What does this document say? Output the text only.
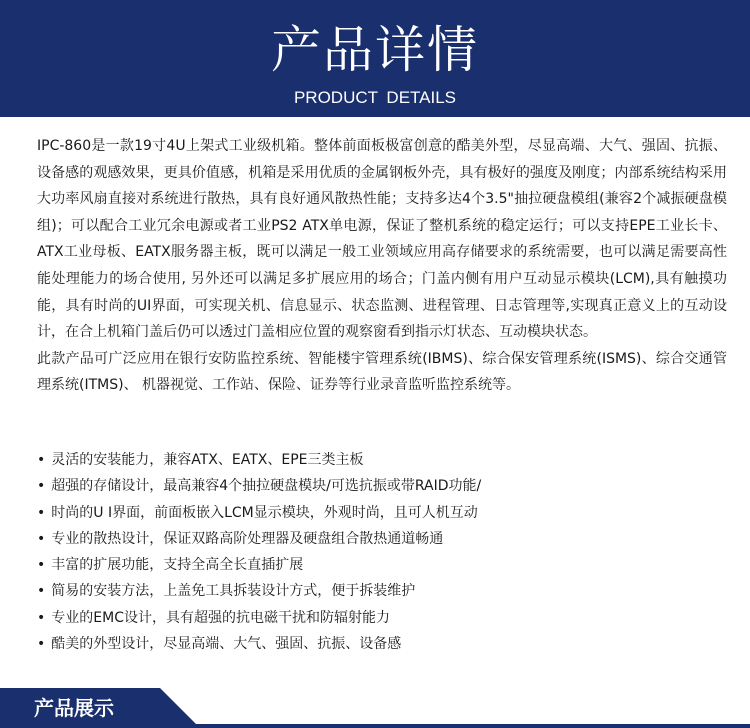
产品详情
PRODUCT DETAILS

IPC-860是一款19寸4U上架式工业级机箱。整体前面板极富创意的酷美外型，尽显高端、大气、强固、抗振、设备感的观感效果，更具价值感，机箱是采用优质的金属钢板外壳，具有极好的强度及刚度；内部系统结构采用大功率风扇直接对系统进行散热，具有良好通风散热性能；支持多达4个3.5"抽拉硬盘模组(兼容2个减振硬盘模组)；可以配合工业冗余电源或者工业PS2 ATX单电源，保证了整机系统的稳定运行；可以支持EPE工业长卡、ATX工业母板、EATX服务器主板，既可以满足一般工业领域应用高存储要求的系统需要，也可以满足需要高性能处理能力的场合使用, 另外还可以满足多扩展应用的场合；门盖内侧有用户互动显示模块(LCM),具有触摸功能，具有时尚的UI界面，可实现关机、信息显示、状态监测、进程管理、日志管理等,实现真正意义上的互动设计，在合上机箱门盖后仍可以透过门盖相应位置的观察窗看到指示灯状态、互动模块状态。

此款产品可广泛应用在银行安防监控系统、智能楼宇管理系统(IBMS)、综合保安管理系统(ISMS)、综合交通管理系统(ITMS)、 机器视觉、工作站、保险、证券等行业录音监听监控系统等。

• 灵活的安装能力，兼容ATX、EATX、EPE三类主板
• 超强的存储设计，最高兼容4个抽拉硬盘模块/可选抗振或带RAID功能/
• 时尚的U I界面，前面板嵌入LCM显示模块，外观时尚，且可人机互动
• 专业的散热设计，保证双路高阶处理器及硬盘组合散热通道畅通
• 丰富的扩展功能，支持全高全长直插扩展
• 简易的安装方法，上盖免工具拆装设计方式，便于拆装维护
• 专业的EMC设计，具有超强的抗电磁干扰和防辐射能力
• 酷美的外型设计，尽显高端、大气、强固、抗振、设备感
产品展示
